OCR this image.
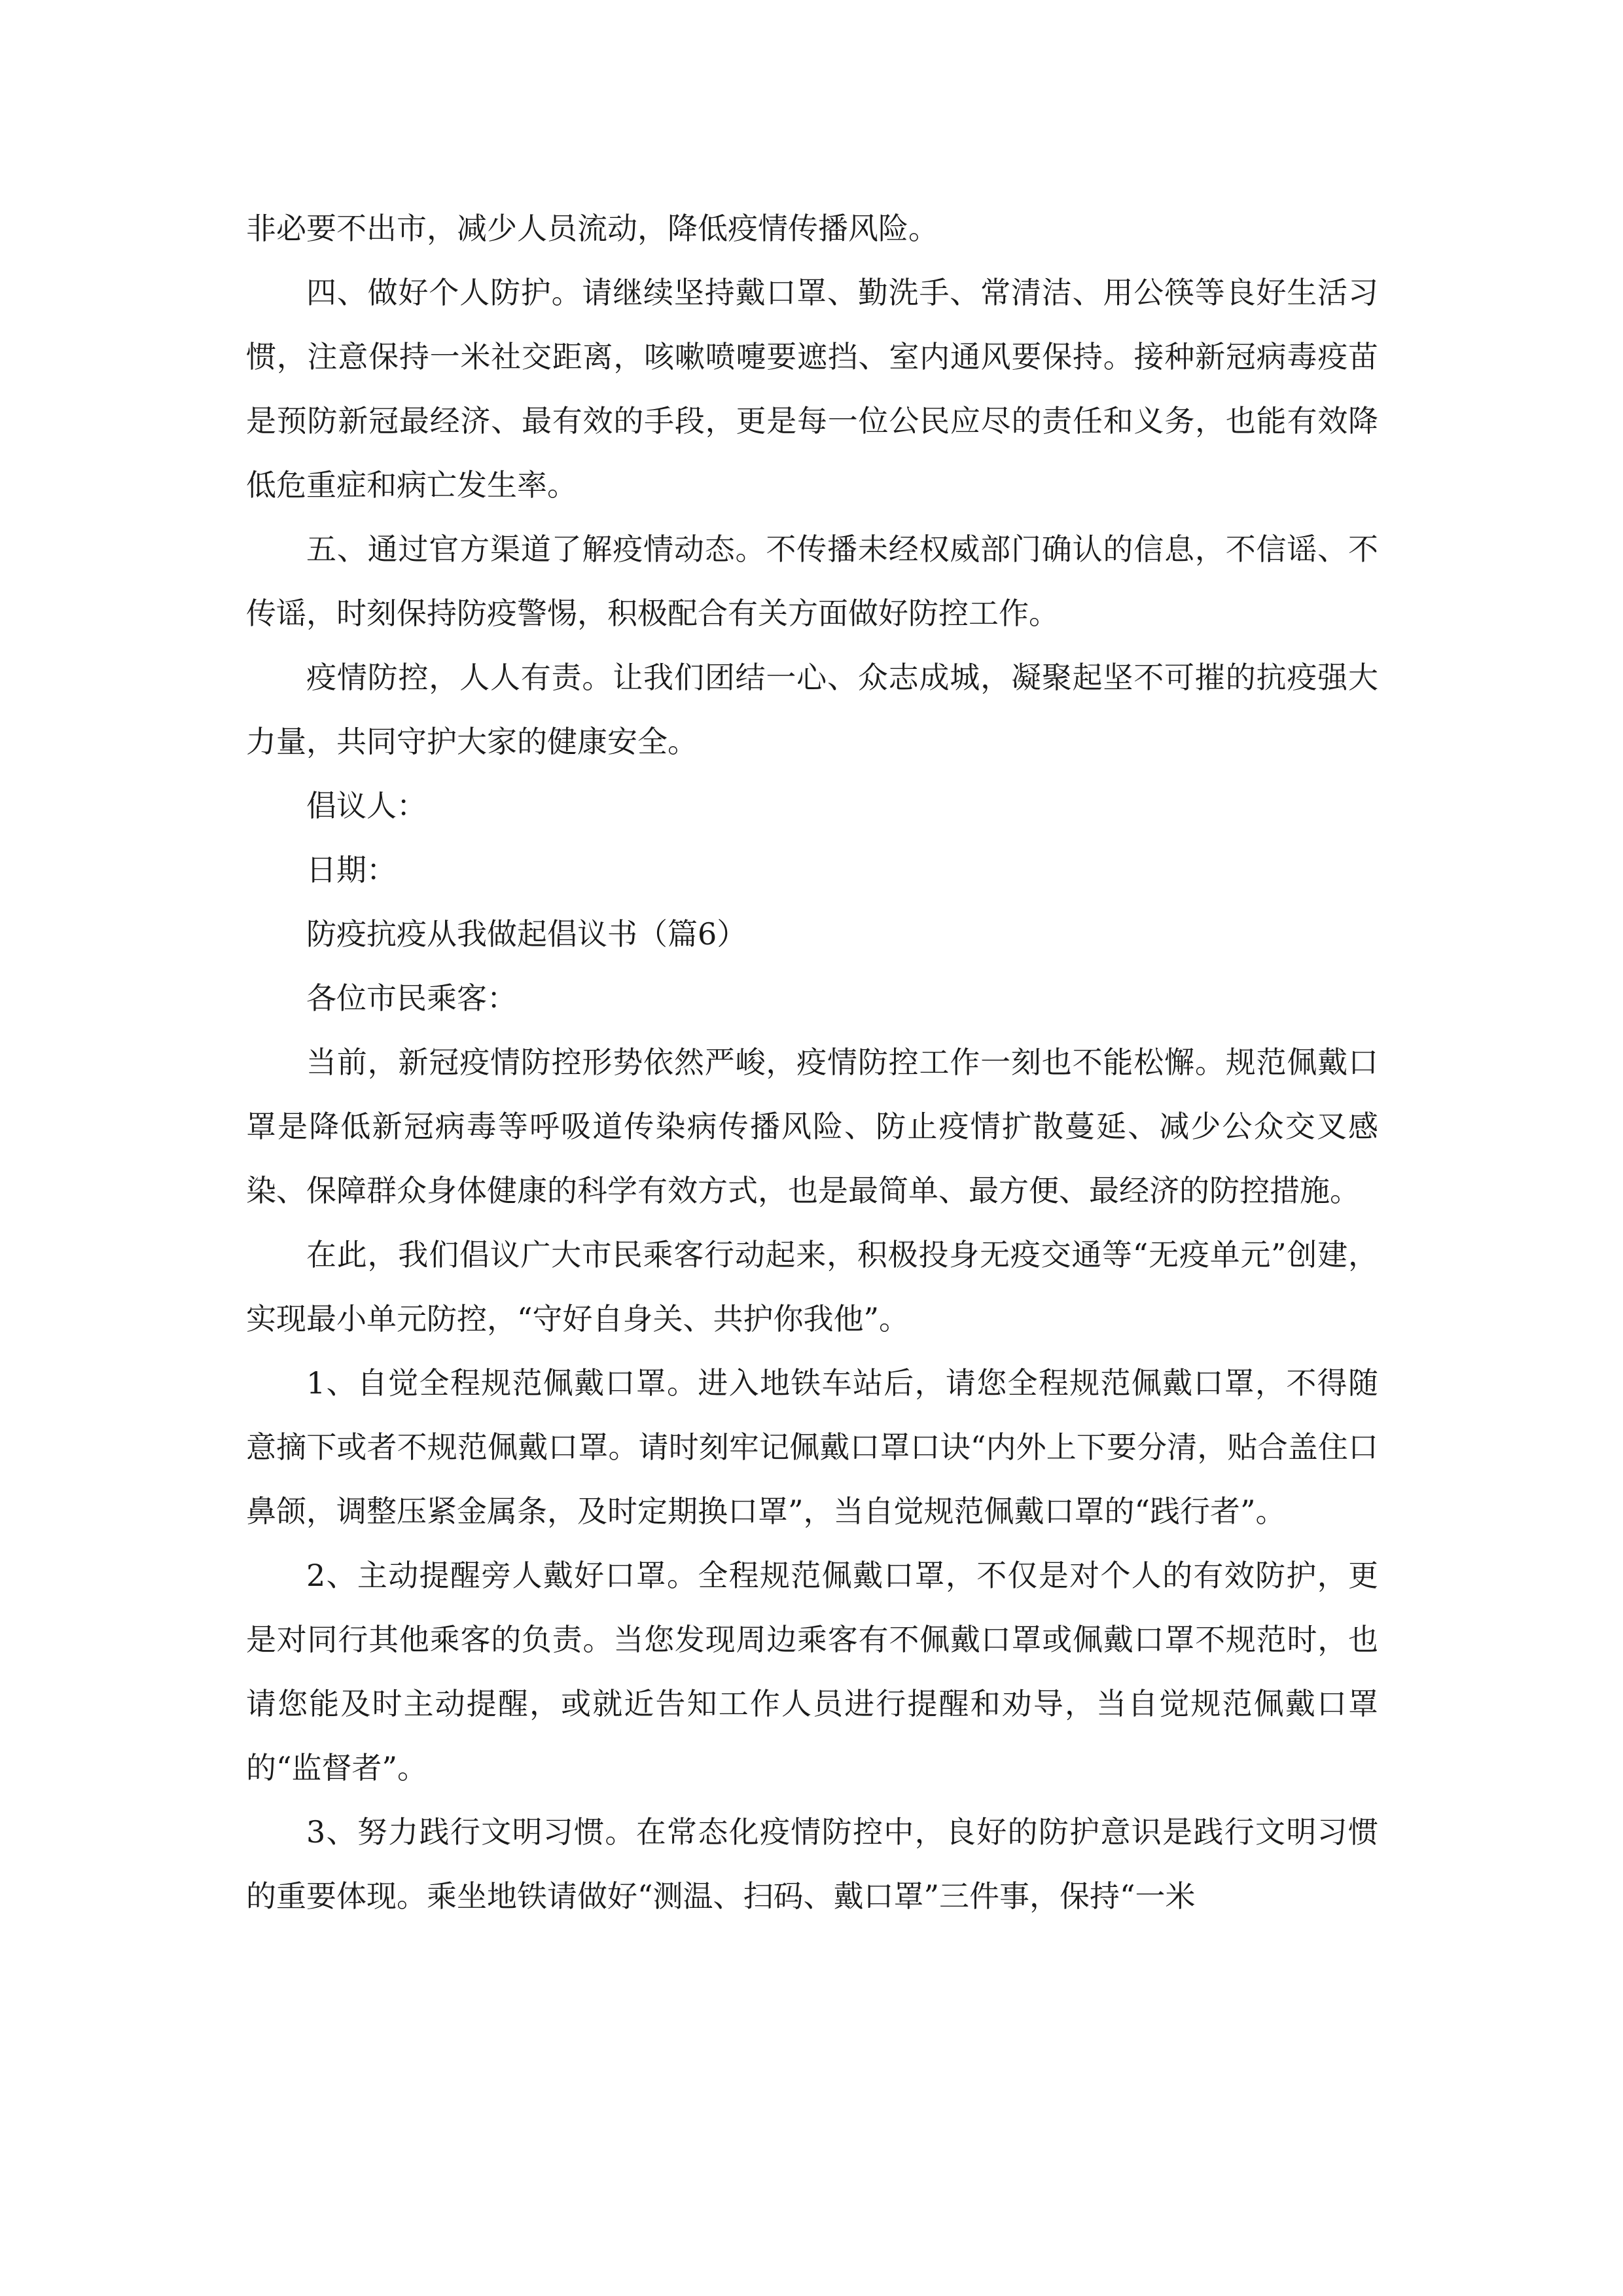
非必要不出市，减少人员流动，降低疫情传播风险。

四、做好个人防护。请继续坚持戴口罩、勤洗手、常清洁、用公筷等良好生活习惯，注意保持一米社交距离，咳嗽喷嚏要遮挡、室内通风要保持。接种新冠病毒疫苗是预防新冠最经济、最有效的手段，更是每一位公民应尽的责任和义务，也能有效降低危重症和病亡发生率。

五、通过官方渠道了解疫情动态。不传播未经权威部门确认的信息，不信谣、不传谣，时刻保持防疫警惕，积极配合有关方面做好防控工作。

疫情防控，人人有责。让我们团结一心、众志成城，凝聚起坚不可摧的抗疫强大力量，共同守护大家的健康安全。

倡议人：

日期：

防疫抗疫从我做起倡议书（篇6）

各位市民乘客：

当前，新冠疫情防控形势依然严峻，疫情防控工作一刻也不能松懈。规范佩戴口罩是降低新冠病毒等呼吸道传染病传播风险、防止疫情扩散蔓延、减少公众交叉感染、保障群众身体健康的科学有效方式，也是最简单、最方便、最经济的防控措施。

在此，我们倡议广大市民乘客行动起来，积极投身无疫交通等“无疫单元”创建，实现最小单元防控，“守好自身关、共护你我他”。

1、自觉全程规范佩戴口罩。进入地铁车站后，请您全程规范佩戴口罩，不得随意摘下或者不规范佩戴口罩。请时刻牢记佩戴口罩口诀“内外上下要分清，贴合盖住口鼻颌，调整压紧金属条，及时定期换口罩”，当自觉规范佩戴口罩的“践行者”。

2、主动提醒旁人戴好口罩。全程规范佩戴口罩，不仅是对个人的有效防护，更是对同行其他乘客的负责。当您发现周边乘客有不佩戴口罩或佩戴口罩不规范时，也请您能及时主动提醒，或就近告知工作人员进行提醒和劝导，当自觉规范佩戴口罩的“监督者”。

3、努力践行文明习惯。在常态化疫情防控中，良好的防护意识是践行文明习惯的重要体现。乘坐地铁请做好“测温、扫码、戴口罩”三件事，保持“一米
